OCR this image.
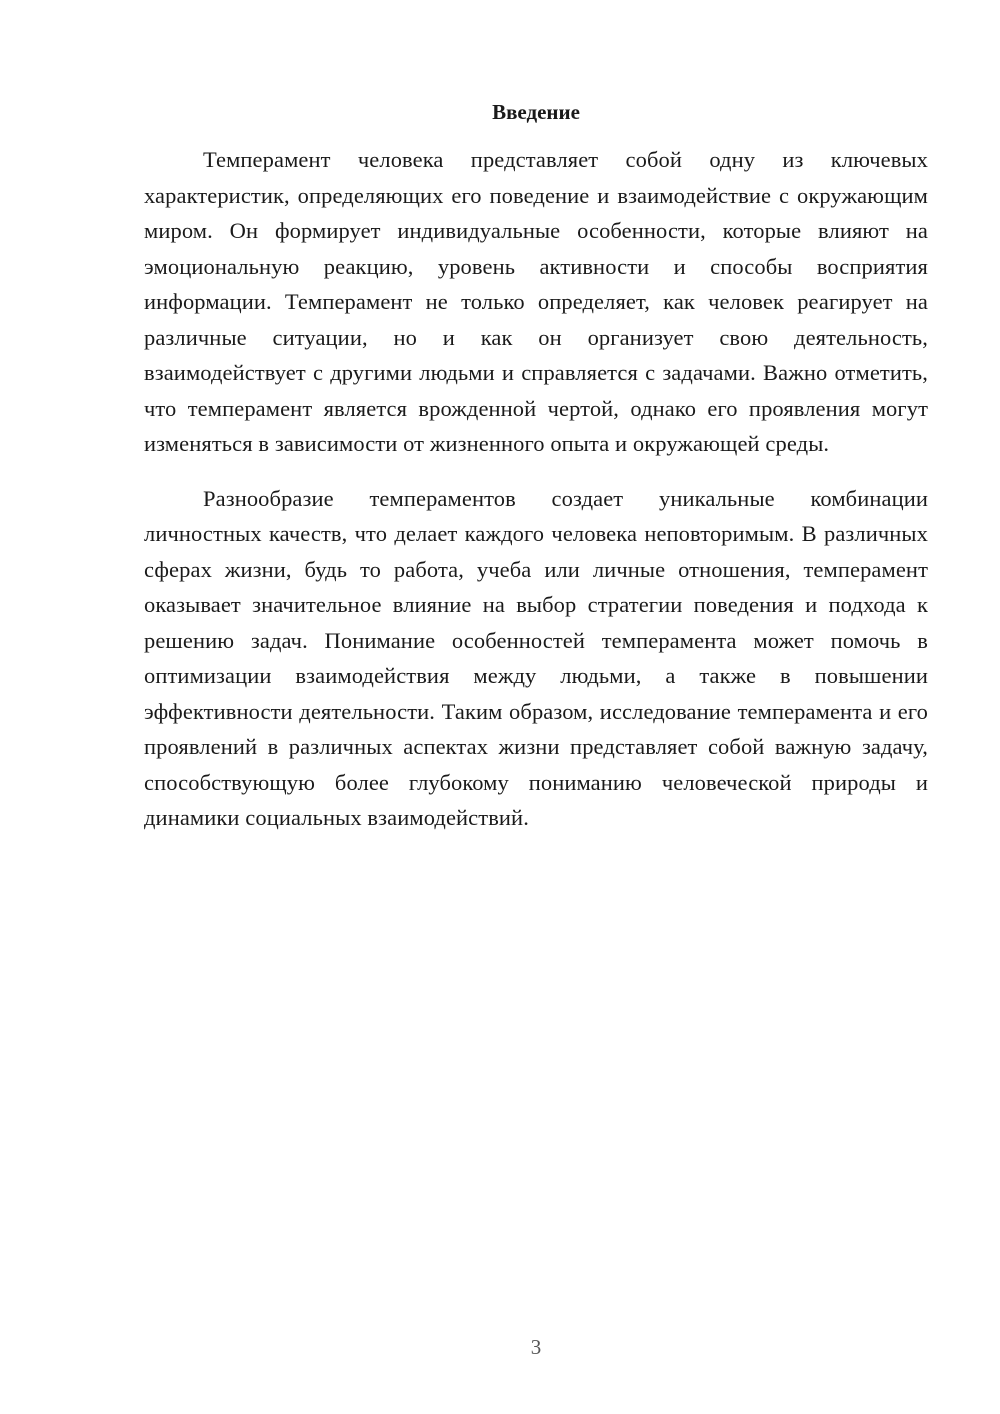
Введение

Темперамент человека представляет собой одну из ключевых характеристик, определяющих его поведение и взаимодействие с окружающим миром. Он формирует индивидуальные особенности, которые влияют на эмоциональную реакцию, уровень активности и способы восприятия информации. Темперамент не только определяет, как человек реагирует на различные ситуации, но и как он организует свою деятельность, взаимодействует с другими людьми и справляется с задачами. Важно отметить, что темперамент является врожденной чертой, однако его проявления могут изменяться в зависимости от жизненного опыта и окружающей среды.

Разнообразие темпераментов создает уникальные комбинации личностных качеств, что делает каждого человека неповторимым. В различных сферах жизни, будь то работа, учеба или личные отношения, темперамент оказывает значительное влияние на выбор стратегии поведения и подхода к решению задач. Понимание особенностей темперамента может помочь в оптимизации взаимодействия между людьми, а также в повышении эффективности деятельности. Таким образом, исследование темперамента и его проявлений в различных аспектах жизни представляет собой важную задачу, способствующую более глубокому пониманию человеческой природы и динамики социальных взаимодействий.

3
